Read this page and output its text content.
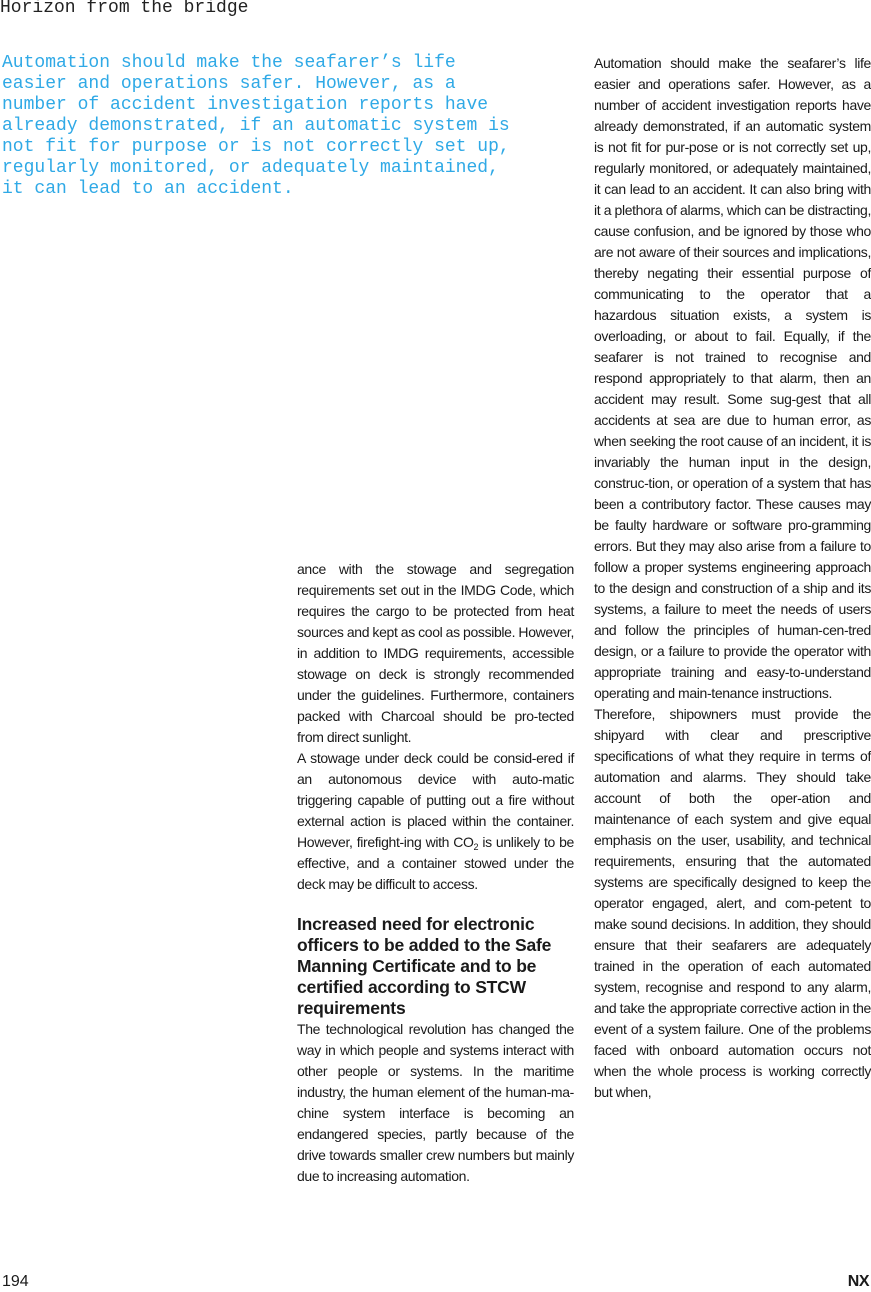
Horizon from the bridge

Automation should make the seafarer’s life easier and operations safer. However, as a number of accident investigation reports have already demonstrated, if an automatic system is not fit for purpose or is not correctly set up, regularly monitored, or adequately maintained, it can lead to an accident.

ance with the stowage and segregation requirements set out in the IMDG Code, which requires the cargo to be protected from heat sources and kept as cool as possible. However, in addition to IMDG requirements, accessible stowage on deck is strongly recommended under the guidelines. Furthermore, containers packed with Charcoal should be pro-tected from direct sunlight.

A stowage under deck could be consid-ered if an autonomous device with auto-matic triggering capable of putting out a fire without external action is placed within the container. However, firefight-ing with $CO_2$ is unlikely to be effective, and a container stowed under the deck may be difficult to access.

Increased need for electronic officers to be added to the Safe Manning Certificate and to be certified according to STCW requirements

The technological revolution has changed the way in which people and systems interact with other people or systems. In the maritime industry, the human element of the human-ma-chine system interface is becoming an endangered species, partly because of the drive towards smaller crew numbers but mainly due to increasing automation.

Automation should make the seafarer’s life easier and operations safer. However, as a number of accident investigation reports have already demonstrated, if an automatic system is not fit for pur-pose or is not correctly set up, regularly monitored, or adequately maintained, it can lead to an accident. It can also bring with it a plethora of alarms, which can be distracting, cause confusion, and be ignored by those who are not aware of their sources and implications, thereby negating their essential purpose of communicating to the operator that a hazardous situation exists, a system is overloading, or about to fail. Equally, if the seafarer is not trained to recognise and respond appropriately to that alarm, then an accident may result. Some sug-gest that all accidents at sea are due to human error, as when seeking the root cause of an incident, it is invariably the human input in the design, construc-tion, or operation of a system that has been a contributory factor. These causes may be faulty hardware or software pro-gramming errors. But they may also arise from a failure to follow a proper systems engineering approach to the design and construction of a ship and its systems, a failure to meet the needs of users and follow the principles of human-cen-tred design, or a failure to provide the operator with appropriate training and easy-to-understand operating and main-tenance instructions.

Therefore, shipowners must provide the shipyard with clear and prescriptive specifications of what they require in terms of automation and alarms. They should take account of both the oper-ation and maintenance of each system and give equal emphasis on the user, usability, and technical requirements, ensuring that the automated systems are specifically designed to keep the operator engaged, alert, and com-petent to make sound decisions. In addition, they should ensure that their seafarers are adequately trained in the operation of each automated system, recognise and respond to any alarm, and take the appropriate corrective action in the event of a system failure. One of the problems faced with onboard automation occurs not when the whole process is working correctly but when,

194	NX
